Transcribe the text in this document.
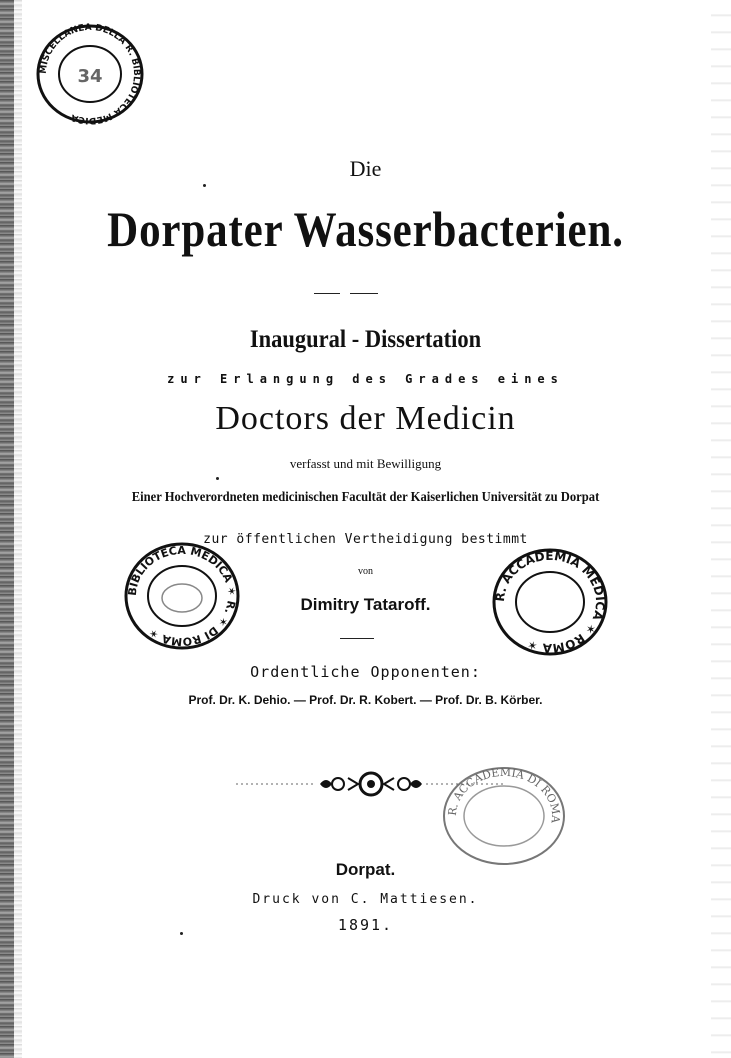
MISCELLANEA DELLA R. BIBLIOTECA MEDICA
34
Die
Dorpater Wasserbacterien.
Inaugural - Dissertation
zur Erlangung des Grades eines
Doctors der Medicin
verfasst und mit Bewilligung
Einer Hochverordneten medicinischen Facultät der Kaiserlichen Universität zu Dorpat
zur öffentlichen Vertheidigung bestimmt
von
Dimitry Tataroff.
Ordentliche Opponenten:
Prof. Dr. K. Dehio. — Prof. Dr. R. Kobert. — Prof. Dr. B. Körber.
BIBLIOTECA MEDICA ✶ R. ✶ DI ROMA ✶
R. ACCADEMIA MEDICA ✶ ROMA ✶
R. ACCADEMIA DI ROMA
Dorpat.
Druck von C. Mattiesen.
1891.
